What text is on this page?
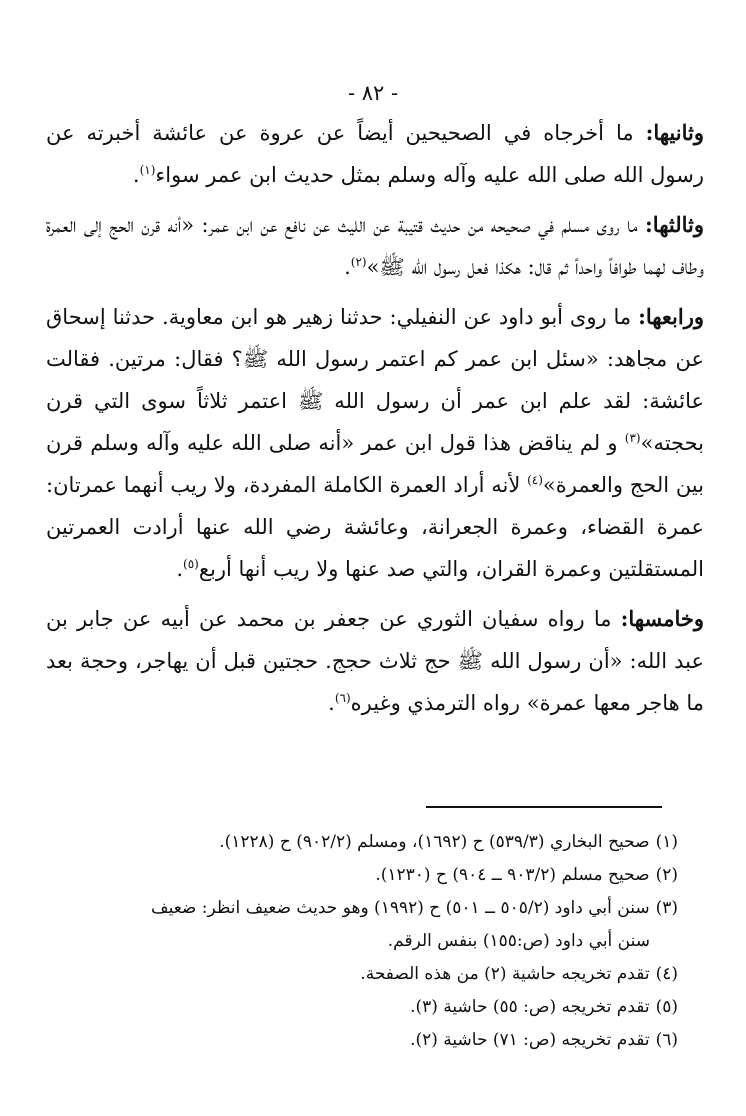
- ٨٢ -

وثانيها: ما أخرجاه في الصحيحين أيضاً عن عروة عن عائشة أخبرته عن رسول الله صلى الله عليه وآله وسلم بمثل حديث ابن عمر سواء$^{(١)}$.

وثالثها: ما روى مسلم في صحيحه من حديث قتيبة عن الليث عن نافع عن ابن عمر: «أنه قرن الحج إلى العمرة وطاف لهما طوافاً واحداً ثم قال: هكذا فعل رسول الله ﷺ»$^{(٢)}$.

ورابعها: ما روى أبو داود عن النفيلي: حدثنا زهير هو ابن معاوية. حدثنا إسحاق عن مجاهد: «سئل ابن عمر كم اعتمر رسول الله ﷺ؟ فقال: مرتين. فقالت عائشة: لقد علم ابن عمر أن رسول الله ﷺ اعتمر ثلاثاً سوى التي قرن بحجته»$^{(٣)}$ و لم يناقض هذا قول ابن عمر «أنه صلى الله عليه وآله وسلم قرن بين الحج والعمرة»$^{(٤)}$ لأنه أراد العمرة الكاملة المفردة، ولا ريب أنهما عمرتان: عمرة القضاء، وعمرة الجعرانة، وعائشة رضي الله عنها أرادت العمرتين المستقلتين وعمرة القران، والتي صد عنها ولا ريب أنها أربع$^{(٥)}$.

وخامسها: ما رواه سفيان الثوري عن جعفر بن محمد عن أبيه عن جابر بن عبد الله: «أن رسول الله ﷺ حج ثلاث حجج. حجتين قبل أن يهاجر، وحجة بعد ما هاجر معها عمرة» رواه الترمذي وغيره$^{(٦)}$.

(١)صحيح البخاري (٥٣٩/٣) ح (١٦٩٢)، ومسلم (٩٠٢/٢) ح (١٢٢٨).

(٢)صحيح مسلم (٩٠٣/٢ ــ ٩٠٤) ح (١٢٣٠).

(٣)سنن أبي داود (٥٠٥/٢ ــ ٥٠١) ح (١٩٩٢) وهو حديث ضعيف انظر: ضعيف

سنن أبي داود (ص:١٥٥) بنفس الرقم.

(٤)تقدم تخريجه حاشية (٢) من هذه الصفحة.

(٥)تقدم تخريجه (ص: ٥٥) حاشية (٣).

(٦)تقدم تخريجه (ص: ٧١) حاشية (٢).
